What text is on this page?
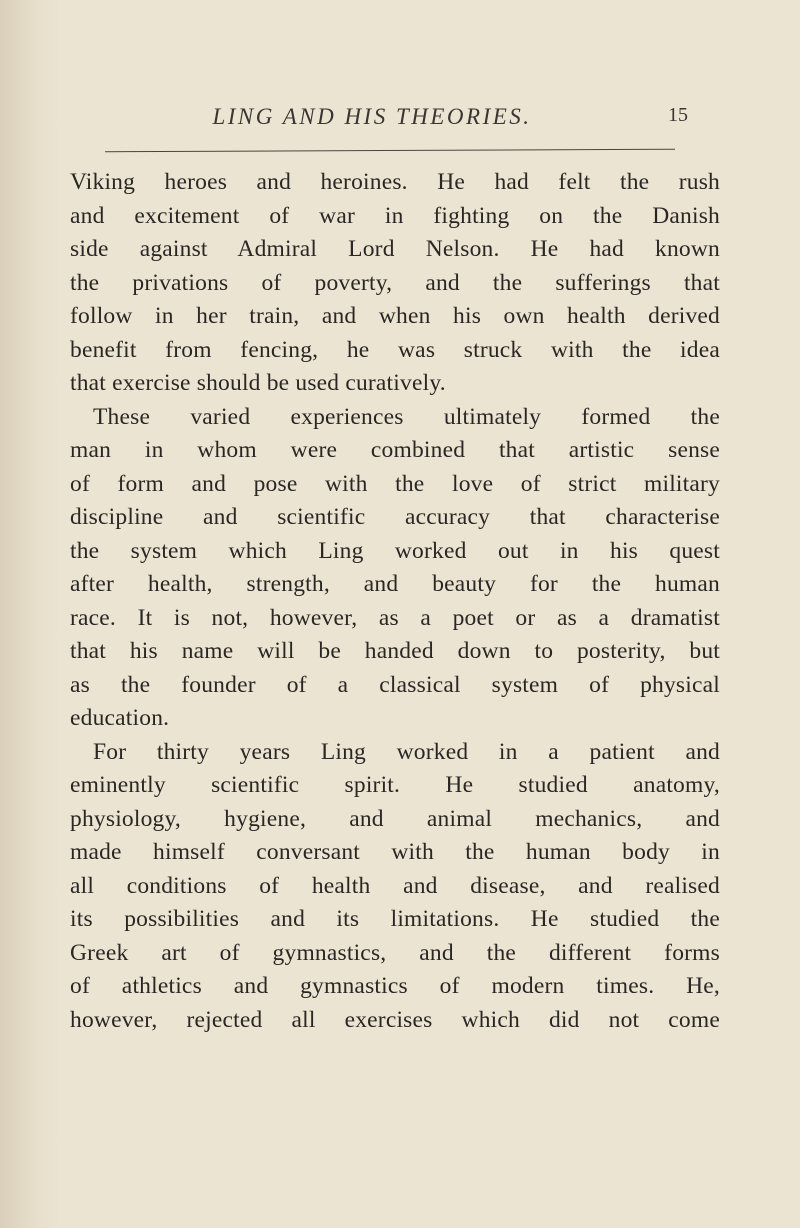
LING AND HIS THEORIES.	15
Viking heroes and heroines. He had felt the rush
and excitement of war in fighting on the Danish
side against Admiral Lord Nelson. He had known
the privations of poverty, and the sufferings that
follow in her train, and when his own health derived
benefit from fencing, he was struck with the idea
that exercise should be used curatively.
These varied experiences ultimately formed the
man in whom were combined that artistic sense
of form and pose with the love of strict military
discipline and scientific accuracy that characterise
the system which Ling worked out in his quest
after health, strength, and beauty for the human
race. It is not, however, as a poet or as a dramatist
that his name will be handed down to posterity, but
as the founder of a classical system of physical
education.
For thirty years Ling worked in a patient and
eminently scientific spirit. He studied anatomy,
physiology, hygiene, and animal mechanics, and
made himself conversant with the human body in
all conditions of health and disease, and realised
its possibilities and its limitations. He studied the
Greek art of gymnastics, and the different forms
of athletics and gymnastics of modern times. He,
however, rejected all exercises which did not come
